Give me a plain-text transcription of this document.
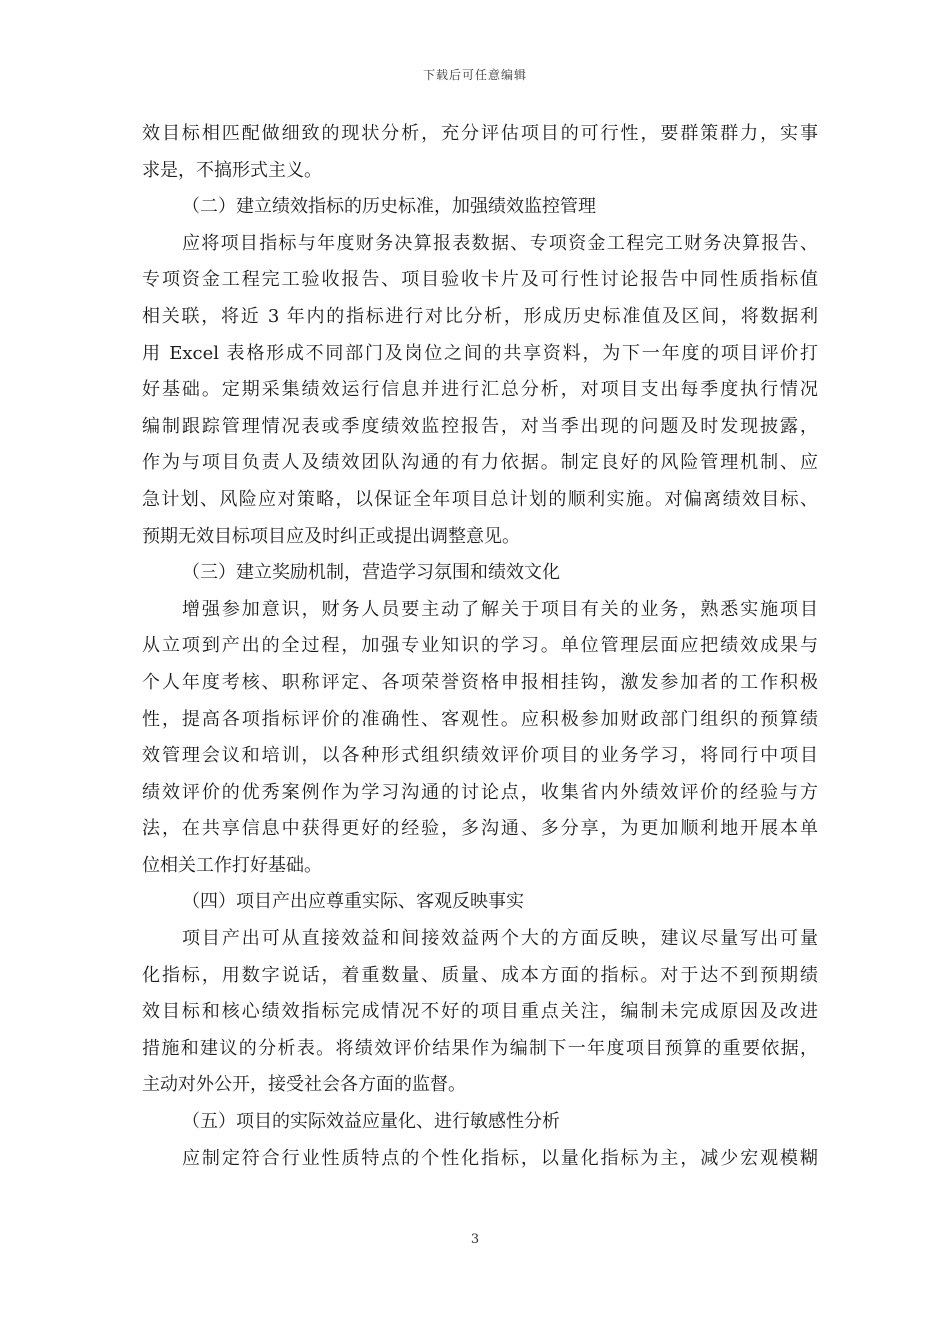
下载后可任意编辑
效目标相匹配做细致的现状分析，充分评估项目的可行性，要群策群力，实事
求是，不搞形式主义。
（二）建立绩效指标的历史标准，加强绩效监控管理
应将项目指标与年度财务决算报表数据、专项资金工程完工财务决算报告、
专项资金工程完工验收报告、项目验收卡片及可行性讨论报告中同性质指标值
相关联，将近 3 年内的指标进行对比分析，形成历史标准值及区间，将数据利
用 Excel 表格形成不同部门及岗位之间的共享资料，为下一年度的项目评价打
好基础。定期采集绩效运行信息并进行汇总分析，对项目支出每季度执行情况
编制跟踪管理情况表或季度绩效监控报告，对当季出现的问题及时发现披露，
作为与项目负责人及绩效团队沟通的有力依据。制定良好的风险管理机制、应
急计划、风险应对策略，以保证全年项目总计划的顺利实施。对偏离绩效目标、
预期无效目标项目应及时纠正或提出调整意见。
（三）建立奖励机制，营造学习氛围和绩效文化
增强参加意识，财务人员要主动了解关于项目有关的业务，熟悉实施项目
从立项到产出的全过程，加强专业知识的学习。单位管理层面应把绩效成果与
个人年度考核、职称评定、各项荣誉资格申报相挂钩，激发参加者的工作积极
性，提高各项指标评价的准确性、客观性。应积极参加财政部门组织的预算绩
效管理会议和培训，以各种形式组织绩效评价项目的业务学习，将同行中项目
绩效评价的优秀案例作为学习沟通的讨论点，收集省内外绩效评价的经验与方
法，在共享信息中获得更好的经验，多沟通、多分享，为更加顺利地开展本单
位相关工作打好基础。
（四）项目产出应尊重实际、客观反映事实
项目产出可从直接效益和间接效益两个大的方面反映，建议尽量写出可量
化指标，用数字说话，着重数量、质量、成本方面的指标。对于达不到预期绩
效目标和核心绩效指标完成情况不好的项目重点关注，编制未完成原因及改进
措施和建议的分析表。将绩效评价结果作为编制下一年度项目预算的重要依据，
主动对外公开，接受社会各方面的监督。
（五）项目的实际效益应量化、进行敏感性分析
应制定符合行业性质特点的个性化指标，以量化指标为主，减少宏观模糊
3
